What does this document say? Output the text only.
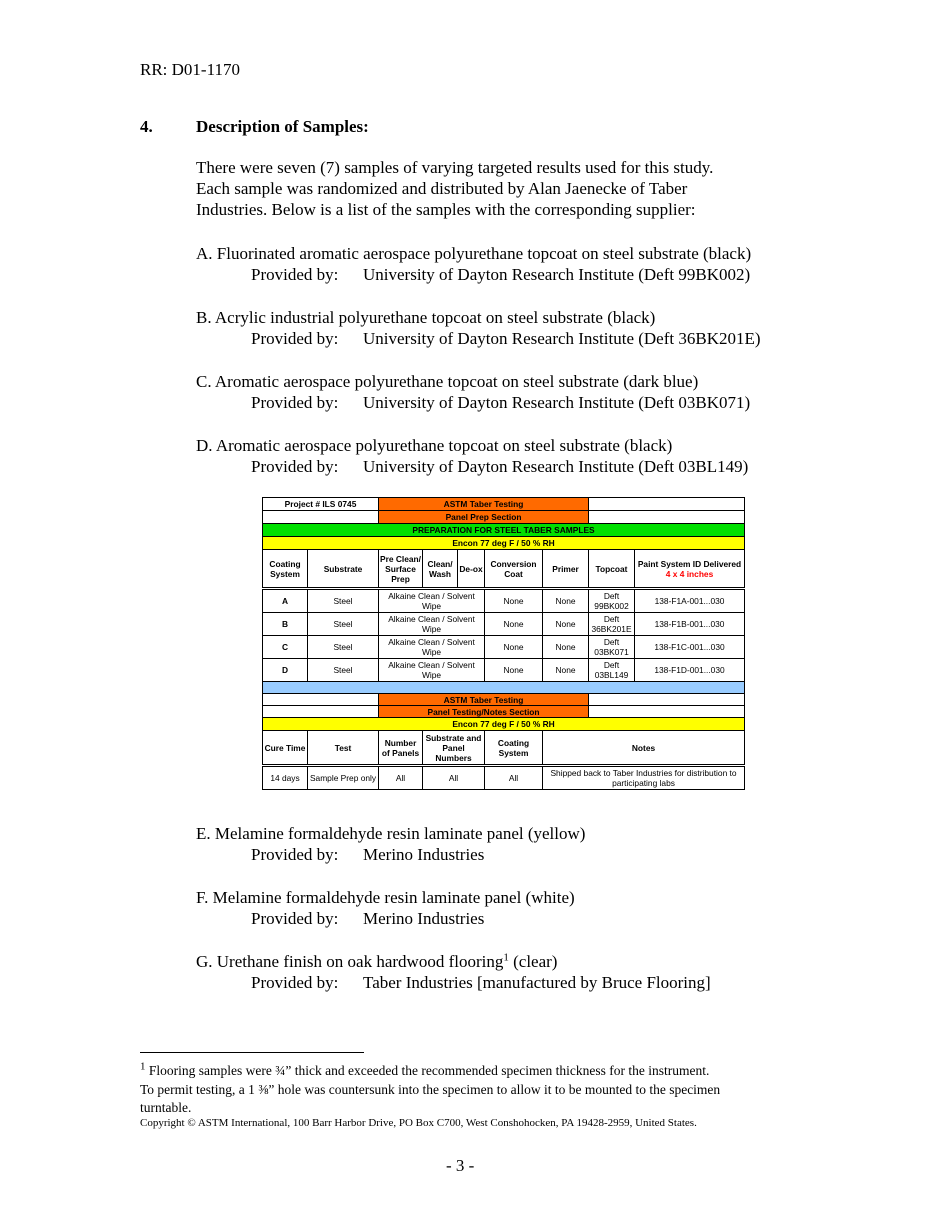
RR: D01-1170
4.	Description of Samples:
There were seven (7) samples of varying targeted results used for this study.
Each sample was randomized and distributed by Alan Jaenecke of Taber
Industries. Below is a list of the samples with the corresponding supplier:
A. Fluorinated aromatic aerospace polyurethane topcoat on steel substrate (black)
Provided by: University of Dayton Research Institute (Deft 99BK002)
B. Acrylic industrial polyurethane topcoat on steel substrate (black)
Provided by: University of Dayton Research Institute (Deft 36BK201E)
C. Aromatic aerospace polyurethane topcoat on steel substrate (dark blue)
Provided by: University of Dayton Research Institute (Deft 03BK071)
D. Aromatic aerospace polyurethane topcoat on steel substrate (black)
Provided by: University of Dayton Research Institute (Deft 03BL149)
Project # ILS 0745		ASTM Taber Testing						
		Panel Prep Section						
PREPARATION FOR STEEL TABER SAMPLES								
Encon 77 deg F / 50 % RH								
Coating System	Substrate	Pre Clean/ Surface Prep	Clean/ Wash	De-ox	Conversion Coat	Primer	Topcoat	Paint System ID Delivered
4 x 4 inches
A	Steel	Alkaine Clean / Solvent Wipe			None	None	Deft 99BK002	138-F1A-001...030
B	Steel	Alkaine Clean / Solvent Wipe			None	None	Deft 36BK201E	138-F1B-001...030
C	Steel	Alkaine Clean / Solvent Wipe			None	None	Deft 03BK071	138-F1C-001...030
D	Steel	Alkaine Clean / Solvent Wipe			None	None	Deft 03BL149	138-F1D-001...030

		ASTM Taber Testing						
		Panel Testing/Notes Section						
Encon 77 deg F / 50 % RH								
Cure Time	Test	Number of Panels	Substrate and Panel Numbers		Coating System	Notes		
14 days	Sample Prep only	All	All		All	Shipped back to Taber Industries for distribution to participating labs		
E. Melamine formaldehyde resin laminate panel (yellow)
Provided by: Merino Industries
F. Melamine formaldehyde resin laminate panel (white)
Provided by: Merino Industries
G. Urethane finish on oak hardwood flooring$^1$ (clear)
Provided by: Taber Industries [manufactured by Bruce Flooring]
$^1$ Flooring samples were ¾” thick and exceeded the recommended specimen thickness for the instrument.
To permit testing, a 1 ⅜” hole was countersunk into the specimen to allow it to be mounted to the specimen
turntable.
Copyright © ASTM International, 100 Barr Harbor Drive, PO Box C700, West Conshohocken, PA 19428-2959, United States.
- 3 -
